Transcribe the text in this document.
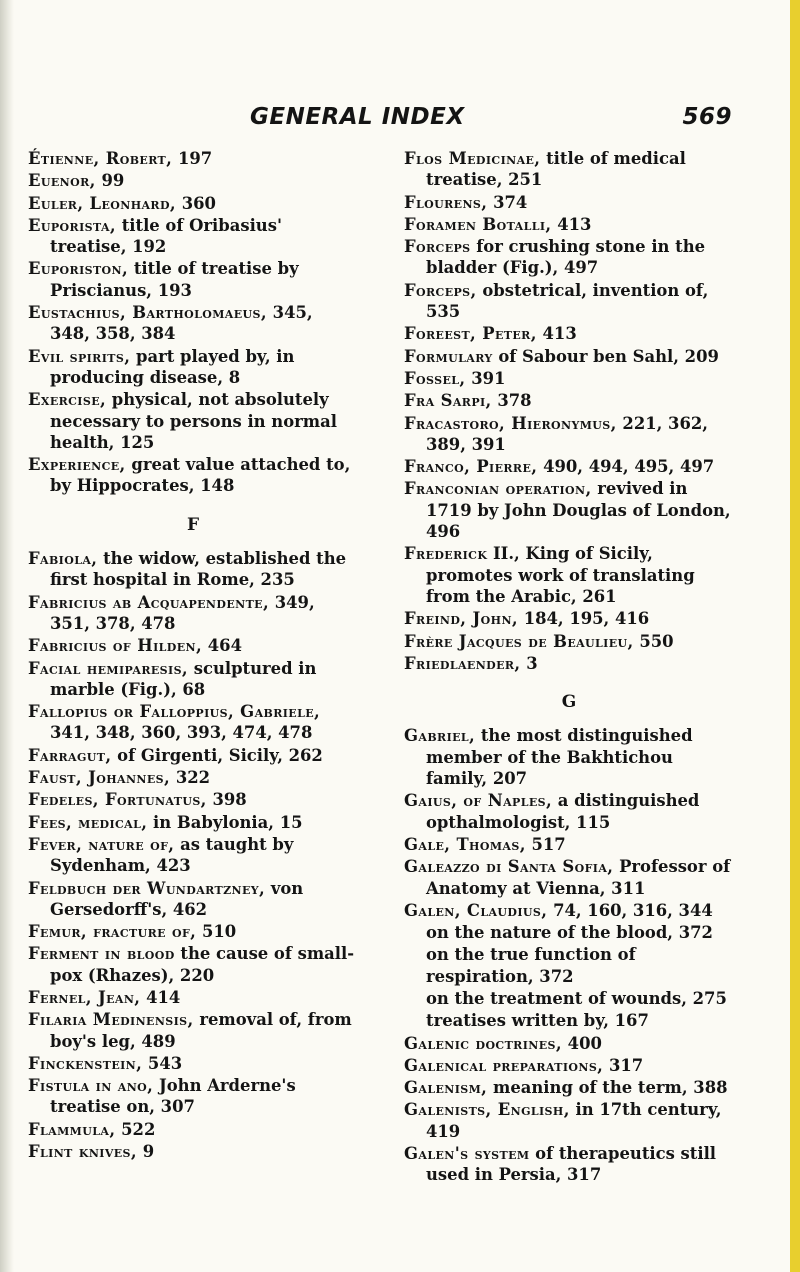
GENERAL INDEX	569
Étienne, Robert, 197
Euenor, 99
Euler, Leonhard, 360
Euporista, title of Oribasius' treatise, 192
Euporiston, title of treatise by Priscianus, 193
Eustachius, Bartholomaeus, 345, 348, 358, 384
Evil spirits, part played by, in producing disease, 8
Exercise, physical, not absolutely necessary to persons in normal health, 125
Experience, great value attached to, by Hippocrates, 148
F
Fabiola, the widow, established the first hospital in Rome, 235
Fabricius ab Acquapendente, 349, 351, 378, 478
Fabricius of Hilden, 464
Facial hemiparesis, sculptured in marble (Fig.), 68
Fallopius or Falloppius, Gabriele, 341, 348, 360, 393, 474, 478
Farragut, of Girgenti, Sicily, 262
Faust, Johannes, 322
Fedeles, Fortunatus, 398
Fees, medical, in Babylonia, 15
Fever, nature of, as taught by Sydenham, 423
Feldbuch der Wundartzney, von Gersedorff's, 462
Femur, fracture of, 510
Ferment in blood the cause of small-pox (Rhazes), 220
Fernel, Jean, 414
Filaria Medinensis, removal of, from boy's leg, 489
Finckenstein, 543
Fistula in ano, John Arderne's treatise on, 307
Flammula, 522
Flint knives, 9
Flos Medicinae, title of medical treatise, 251
Flourens, 374
Foramen Botalli, 413
Forceps for crushing stone in the bladder (Fig.), 497
Forceps, obstetrical, invention of, 535
Foreest, Peter, 413
Formulary of Sabour ben Sahl, 209
Fossel, 391
Fra Sarpi, 378
Fracastoro, Hieronymus, 221, 362, 389, 391
Franco, Pierre, 490, 494, 495, 497
Franconian operation, revived in 1719 by John Douglas of London, 496
Frederick II., King of Sicily, promotes work of translating from the Arabic, 261
Freind, John, 184, 195, 416
Frère Jacques de Beaulieu, 550
Friedlaender, 3
G
Gabriel, the most distinguished member of the Bakhtichou family, 207
Gaius, of Naples, a distinguished opthalmologist, 115
Gale, Thomas, 517
Galeazzo di Santa Sofia, Professor of Anatomy at Vienna, 311
Galen, Claudius, 74, 160, 316, 344
on the nature of the blood, 372
on the true function of respiration, 372
on the treatment of wounds, 275
treatises written by, 167
Galenic doctrines, 400
Galenical preparations, 317
Galenism, meaning of the term, 388
Galenists, English, in 17th century, 419
Galen's system of therapeutics still used in Persia, 317
